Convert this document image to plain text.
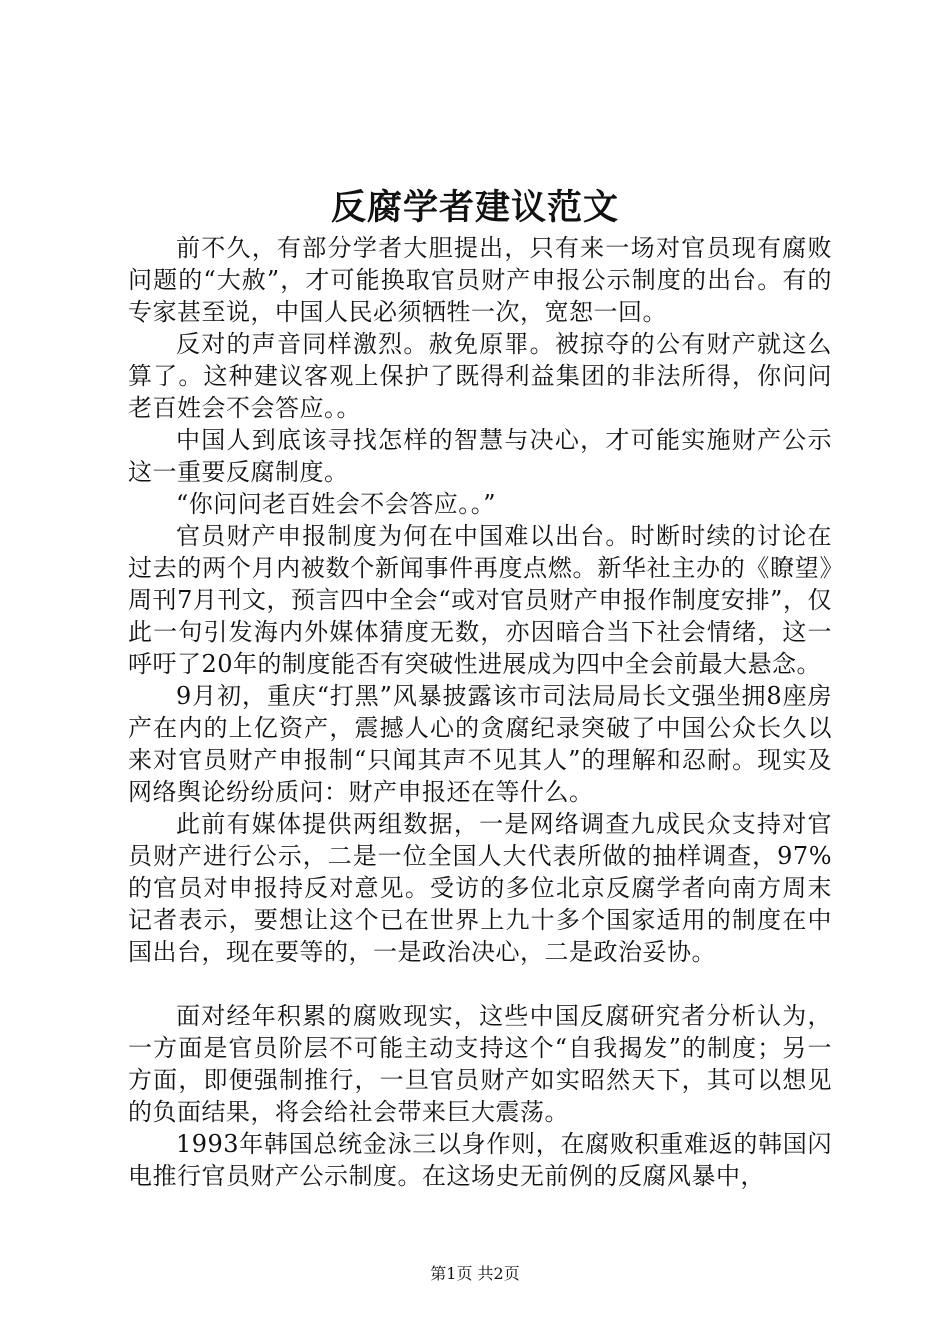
反腐学者建议范文

前不久，有部分学者大胆提出，只有来一场对官员现有腐败问题的“大赦”，才可能换取官员财产申报公示制度的出台。有的专家甚至说，中国人民必须牺牲一次，宽恕一回。

反对的声音同样激烈。赦免原罪。被掠夺的公有财产就这么算了。这种建议客观上保护了既得利益集团的非法所得，你问问老百姓会不会答应。。

中国人到底该寻找怎样的智慧与决心，才可能实施财产公示这一重要反腐制度。

“你问问老百姓会不会答应。。”

官员财产申报制度为何在中国难以出台。时断时续的讨论在过去的两个月内被数个新闻事件再度点燃。新华社主办的《瞭望》周刊7月刊文，预言四中全会“或对官员财产申报作制度安排”，仅此一句引发海内外媒体猜度无数，亦因暗合当下社会情绪，这一呼吁了20年的制度能否有突破性进展成为四中全会前最大悬念。

9月初，重庆“打黑”风暴披露该市司法局局长文强坐拥8座房产在内的上亿资产，震撼人心的贪腐纪录突破了中国公众长久以来对官员财产申报制“只闻其声不见其人”的理解和忍耐。现实及网络舆论纷纷质问：财产申报还在等什么。

此前有媒体提供两组数据，一是网络调查九成民众支持对官员财产进行公示，二是一位全国人大代表所做的抽样调查，97%的官员对申报持反对意见。受访的多位北京反腐学者向南方周末记者表示，要想让这个已在世界上九十多个国家适用的制度在中国出台，现在要等的，一是政治决心，二是政治妥协。

面对经年积累的腐败现实，这些中国反腐研究者分析认为，一方面是官员阶层不可能主动支持这个“自我揭发”的制度；另一方面，即便强制推行，一旦官员财产如实昭然天下，其可以想见的负面结果，将会给社会带来巨大震荡。

1993年韩国总统金泳三以身作则，在腐败积重难返的韩国闪电推行官员财产公示制度。在这场史无前例的反腐风暴中，

第1页 共2页
